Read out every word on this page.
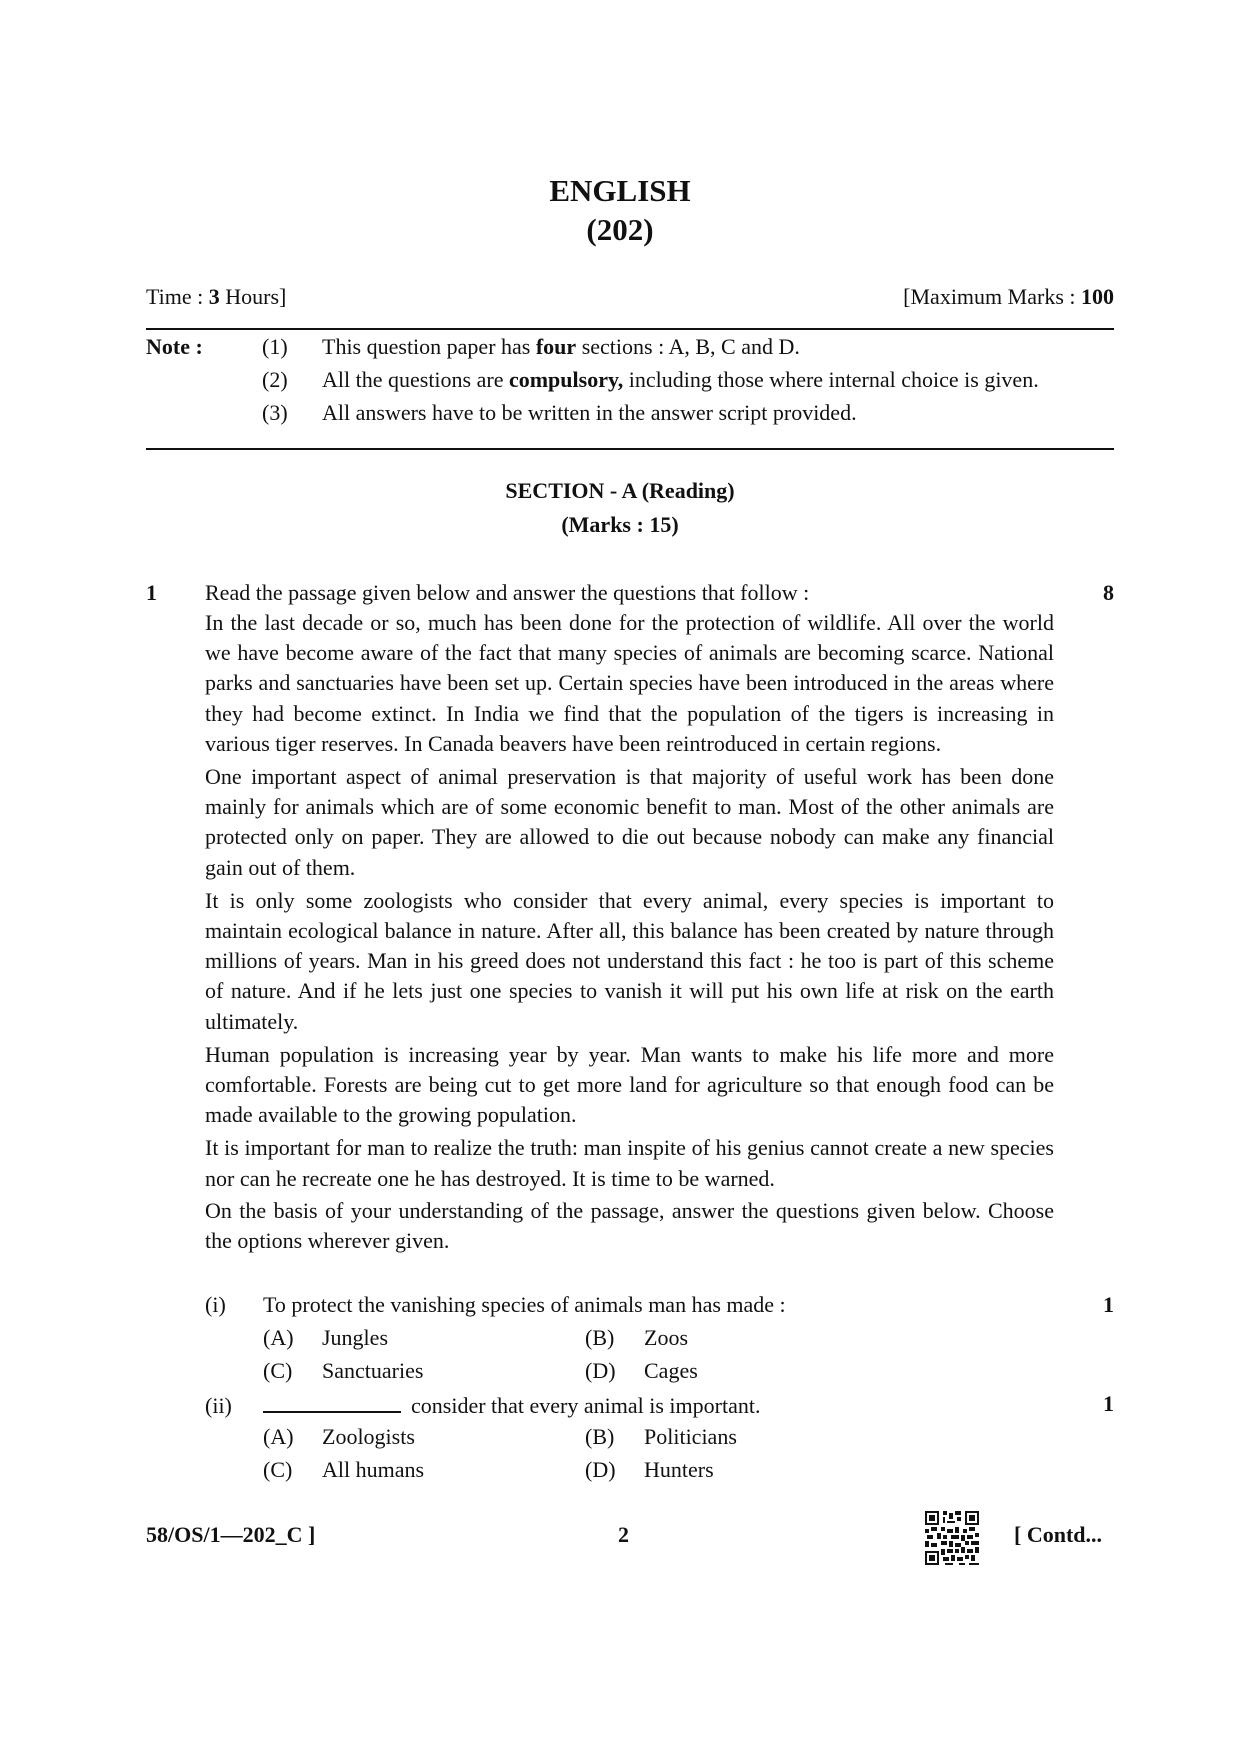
ENGLISH
(202)
Time : 3 Hours]	[Maximum Marks : 100
Note :	(1) This question paper has four sections : A, B, C and D.
(2) All the questions are compulsory, including those where internal choice is given.
(3) All answers have to be written in the answer script provided.
SECTION - A (Reading)
(Marks : 15)
1 Read the passage given below and answer the questions that follow :	8

In the last decade or so, much has been done for the protection of wildlife. All over the world we have become aware of the fact that many species of animals are becoming scarce. National parks and sanctuaries have been set up. Certain species have been introduced in the areas where they had become extinct. In India we find that the population of the tigers is increasing in various tiger reserves. In Canada beavers have been reintroduced in certain regions.

One important aspect of animal preservation is that majority of useful work has been done mainly for animals which are of some economic benefit to man. Most of the other animals are protected only on paper. They are allowed to die out because nobody can make any financial gain out of them.

It is only some zoologists who consider that every animal, every species is important to maintain ecological balance in nature. After all, this balance has been created by nature through millions of years. Man in his greed does not understand this fact : he too is part of this scheme of nature. And if he lets just one species to vanish it will put his own life at risk on the earth ultimately.

Human population is increasing year by year. Man wants to make his life more and more comfortable. Forests are being cut to get more land for agriculture so that enough food can be made available to the growing population.

It is important for man to realize the truth: man inspite of his genius cannot create a new species nor can he recreate one he has destroyed. It is time to be warned.

On the basis of your understanding of the passage, answer the questions given below. Choose the options wherever given.

(i) To protect the vanishing species of animals man has made :	1
(A) Jungles	(B) Zoos
(C) Sanctuaries	(D) Cages
(ii)	consider that every animal is important.	1
(A) Zoologists	(B) Politicians
(C) All humans	(D) Hunters
58/OS/1—202_C ]	2	[ Contd...
